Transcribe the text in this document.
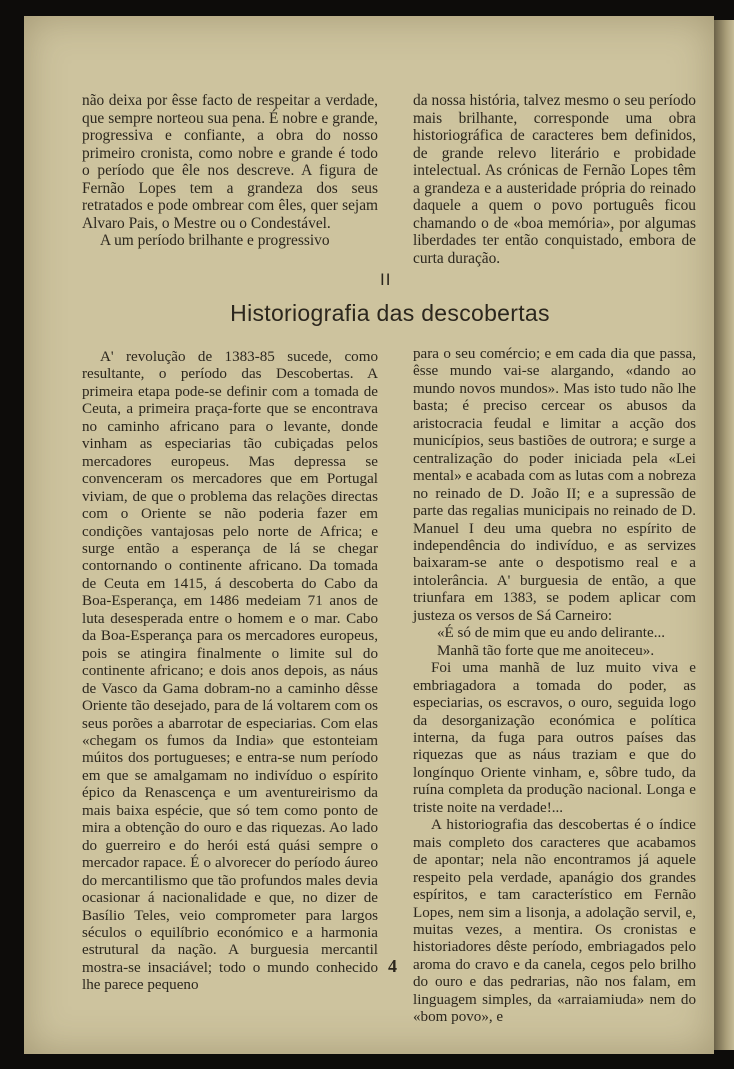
não deixa por êsse facto de respeitar a verdade, que sempre norteou sua pena. É nobre e grande, progressiva e confiante, a obra do nosso primeiro cronista, como nobre e grande é todo o período que êle nos descreve. A figura de Fernão Lopes tem a grandeza dos seus retratados e pode ombrear com êles, quer sejam Alvaro Pais, o Mestre ou o Condestável.

A um período brilhante e progressivo

da nossa história, talvez mesmo o seu período mais brilhante, corresponde uma obra historiográfica de caracteres bem definidos, de grande relevo literário e probidade intelectual. As crónicas de Fernão Lopes têm a grandeza e a austeridade própria do reinado daquele a quem o povo português ficou chamando o de «boa memória», por algumas liberdades ter então conquistado, embora de curta duração.

II
Historiografia das descobertas

A' revolução de 1383-85 sucede, como resultante, o período das Descobertas. A primeira etapa pode-se definir com a tomada de Ceuta, a primeira praça-forte que se encontrava no caminho africano para o levante, donde vinham as especiarias tão cubiçadas pelos mercadores europeus. Mas depressa se convenceram os mercadores que em Portugal viviam, de que o problema das relações directas com o Oriente se não poderia fazer em condições vantajosas pelo norte de Africa; e surge então a esperança de lá se chegar contornando o continente africano. Da tomada de Ceuta em 1415, á descoberta do Cabo da Boa-Esperança, em 1486 medeiam 71 anos de luta desesperada entre o homem e o mar. Cabo da Boa-Esperança para os mercadores europeus, pois se atingira finalmente o limite sul do continente africano; e dois anos depois, as náus de Vasco da Gama dobram-no a caminho dêsse Oriente tão desejado, para de lá voltarem com os seus porões a abarrotar de especiarias. Com elas «chegam os fumos da India» que estonteiam múitos dos portugueses; e entra-se num período em que se amalgamam no indivíduo o espírito épico da Renascença e um aventureirismo da mais baixa espécie, que só tem como ponto de mira a obtenção do ouro e das riquezas. Ao lado do guerreiro e do herói está quási sempre o mercador rapace. É o alvorecer do período áureo do mercantilismo que tão profundos males devia ocasionar á nacionalidade e que, no dizer de Basílio Teles, veio comprometer para largos séculos o equilíbrio económico e a harmonia estrutural da nação. A burguesia mercantil mostra-se insaciável; todo o mundo conhecido lhe parece pequeno

para o seu comércio; e em cada dia que passa, êsse mundo vai-se alargando, «dando ao mundo novos mundos». Mas isto tudo não lhe basta; é preciso cercear os abusos da aristocracia feudal e limitar a acção dos municípios, seus bastiões de outrora; e surge a centralização do poder iniciada pela «Lei mental» e acabada com as lutas com a nobreza no reinado de D. João II; e a supressão de parte das regalias municipais no reinado de D. Manuel I deu uma quebra no espírito de independência do indivíduo, e as servizes baixaram-se ante o despotismo real e a intolerância. A' burguesia de então, a que triunfara em 1383, se podem aplicar com justeza os versos de Sá Carneiro:

«É só de mim que eu ando delirante...

Manhã tão forte que me anoiteceu».

Foi uma manhã de luz muito viva e embriagadora a tomada do poder, as especiarias, os escravos, o ouro, seguida logo da desorganização económica e política interna, da fuga para outros países das riquezas que as náus traziam e que do longínquo Oriente vinham, e, sôbre tudo, da ruína completa da produção nacional. Longa e triste noite na verdade!...

A historiografia das descobertas é o índice mais completo dos caracteres que acabamos de apontar; nela não encontramos já aquele respeito pela verdade, apanágio dos grandes espíritos, e tam característico em Fernão Lopes, nem sim a lisonja, a adolação servil, e, muitas vezes, a mentira. Os cronistas e historiadores dêste período, embriagados pelo aroma do cravo e da canela, cegos pelo brilho do ouro e das pedrarias, não nos falam, em linguagem simples, da «arraiamiuda» nem do «bom povo», e

4
